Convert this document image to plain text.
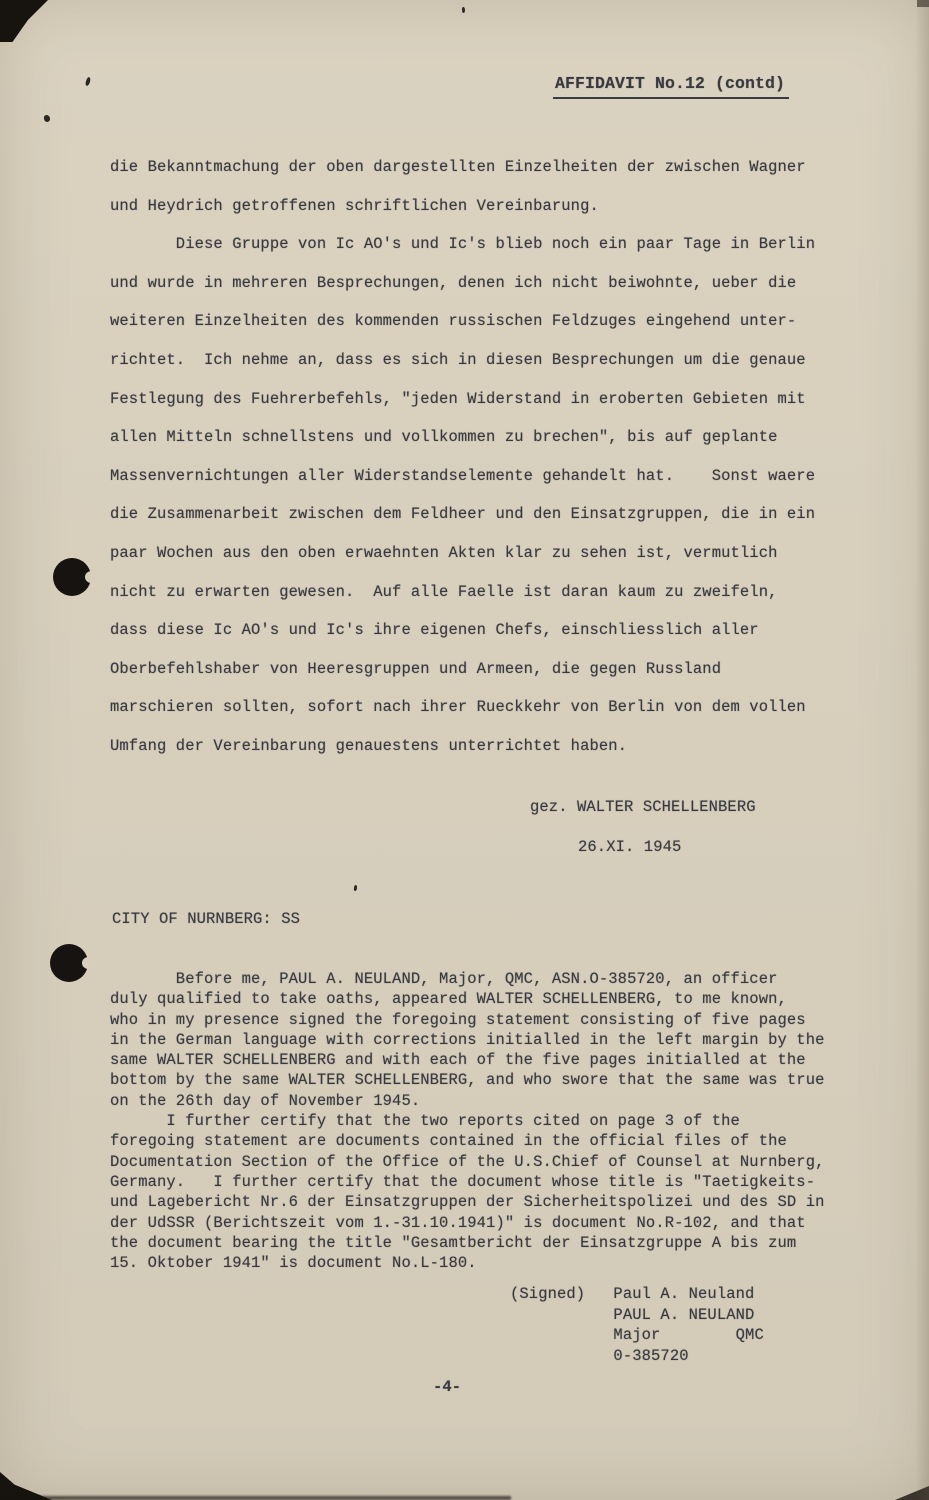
AFFIDAVIT No.12 (contd)
die Bekanntmachung der oben dargestellten Einzelheiten der zwischen Wagner
und Heydrich getroffenen schriftlichen Vereinbarung.
Diese Gruppe von Ic AO's und Ic's blieb noch ein paar Tage in Berlin
und wurde in mehreren Besprechungen, denen ich nicht beiwohnte, ueber die
weiteren Einzelheiten des kommenden russischen Feldzuges eingehend unter-
richtet.  Ich nehme an, dass es sich in diesen Besprechungen um die genaue
Festlegung des Fuehrerbefehls, "jeden Widerstand in eroberten Gebieten mit
allen Mitteln schnellstens und vollkommen zu brechen", bis auf geplante
Massenvernichtungen aller Widerstandselemente gehandelt hat.    Sonst waere
die Zusammenarbeit zwischen dem Feldheer und den Einsatzgruppen, die in ein
paar Wochen aus den oben erwaehnten Akten klar zu sehen ist, vermutlich
nicht zu erwarten gewesen.  Auf alle Faelle ist daran kaum zu zweifeln,
dass diese Ic AO's und Ic's ihre eigenen Chefs, einschliesslich aller
Oberbefehlshaber von Heeresgruppen und Armeen, die gegen Russland
marschieren sollten, sofort nach ihrer Rueckkehr von Berlin von dem vollen
Umfang der Vereinbarung genauestens unterrichtet haben.
gez. WALTER SCHELLENBERG
26.XI. 1945
CITY OF NURNBERG: SS
Before me, PAUL A. NEULAND, Major, QMC, ASN.O-385720, an officer
duly qualified to take oaths, appeared WALTER SCHELLENBERG, to me known,
who in my presence signed the foregoing statement consisting of five pages
in the German language with corrections initialled in the left margin by the
same WALTER SCHELLENBERG and with each of the five pages initialled at the
bottom by the same WALTER SCHELLENBERG, and who swore that the same was true
on the 26th day of November 1945.
I further certify that the two reports cited on page 3 of the
foregoing statement are documents contained in the official files of the
Documentation Section of the Office of the U.S.Chief of Counsel at Nurnberg,
Germany.   I further certify that the document whose title is "Taetigkeits-
und Lagebericht Nr.6 der Einsatzgruppen der Sicherheitspolizei und des SD in
der UdSSR (Berichtszeit vom 1.-31.10.1941)" is document No.R-102, and that
the document bearing the title "Gesamtbericht der Einsatzgruppe A bis zum
15. Oktober 1941" is document No.L-180.
(Signed)   Paul A. Neuland
PAUL A. NEULAND
Major        QMC
0-385720
-4-
